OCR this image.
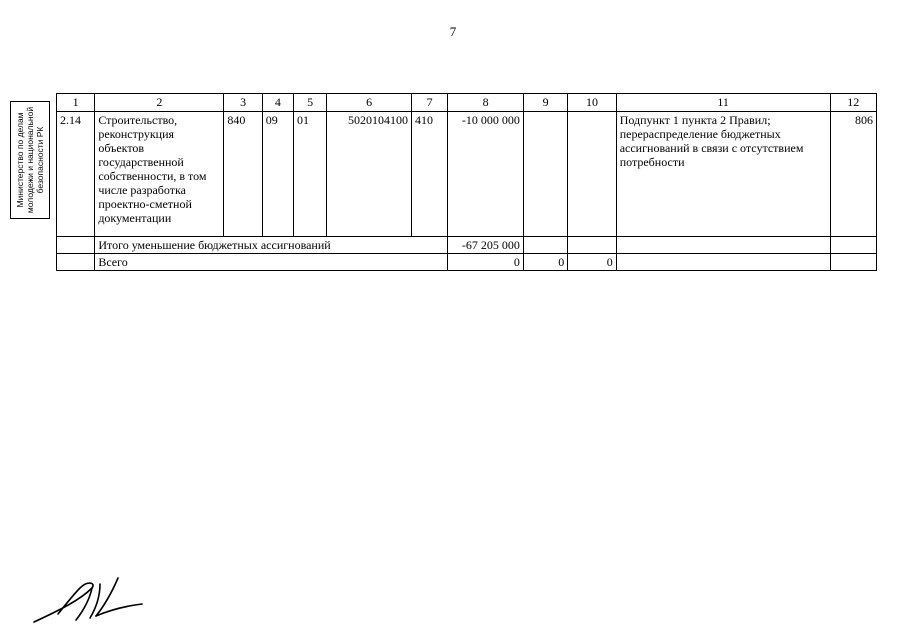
7
Министерство по делам молодежи и национальной безопасности РК
1	2	3	4	5	6	7	8	9	10	11	12
2.14	Строительство, реконструкция объектов государственной собственности, в том числе разработка проектно-сметной документации	840	09	01	5020104100	410	-10 000 000			Подпункт 1 пункта 2 Правил; перераспределение бюджетных ассигнований в связи с отсутствием потребности	806
	Итого уменьшение бюджетных ассигнований						-67 205 000				
	Всего						0	0	0		
